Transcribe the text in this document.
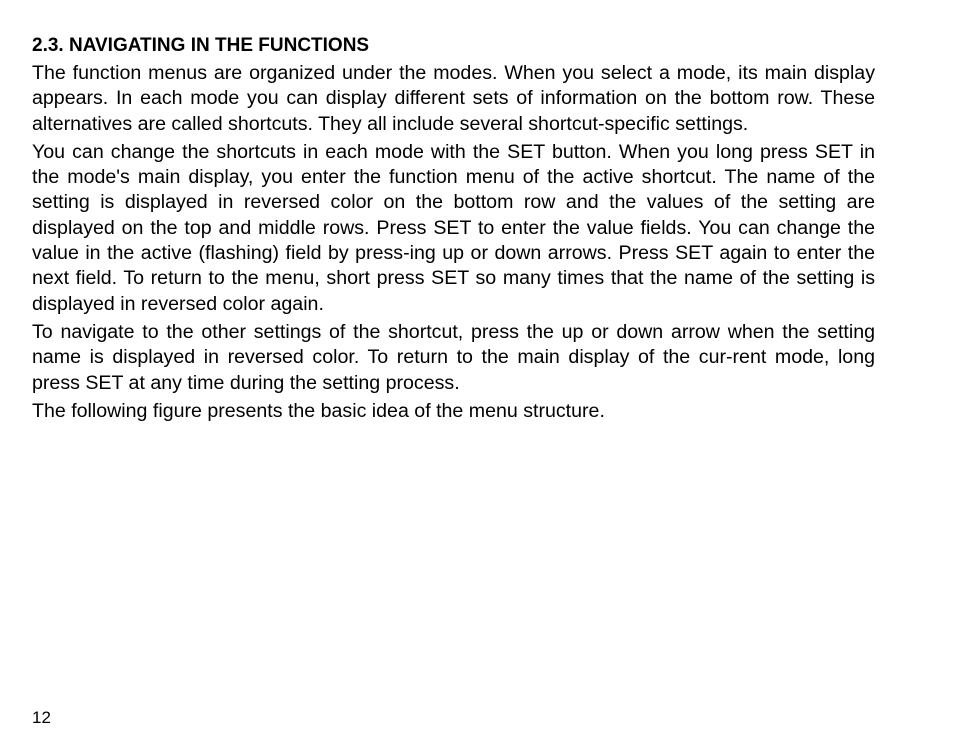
2.3. NAVIGATING IN THE FUNCTIONS

The function menus are organized under the modes. When you select a mode, its main display appears. In each mode you can display different sets of information on the bottom row. These alternatives are called shortcuts. They all include several shortcut-specific settings.

You can change the shortcuts in each mode with the SET button. When you long press SET in the mode's main display, you enter the function menu of the active shortcut. The name of the setting is displayed in reversed color on the bottom row and the values of the setting are displayed on the top and middle rows. Press SET to enter the value fields. You can change the value in the active (flashing) field by press-ing up or down arrows. Press SET again to enter the next field. To return to the menu, short press SET so many times that the name of the setting is displayed in reversed color again.

To navigate to the other settings of the shortcut, press the up or down arrow when the setting name is displayed in reversed color. To return to the main display of the cur-rent mode, long press SET at any time during the setting process.

The following figure presents the basic idea of the menu structure.

12
